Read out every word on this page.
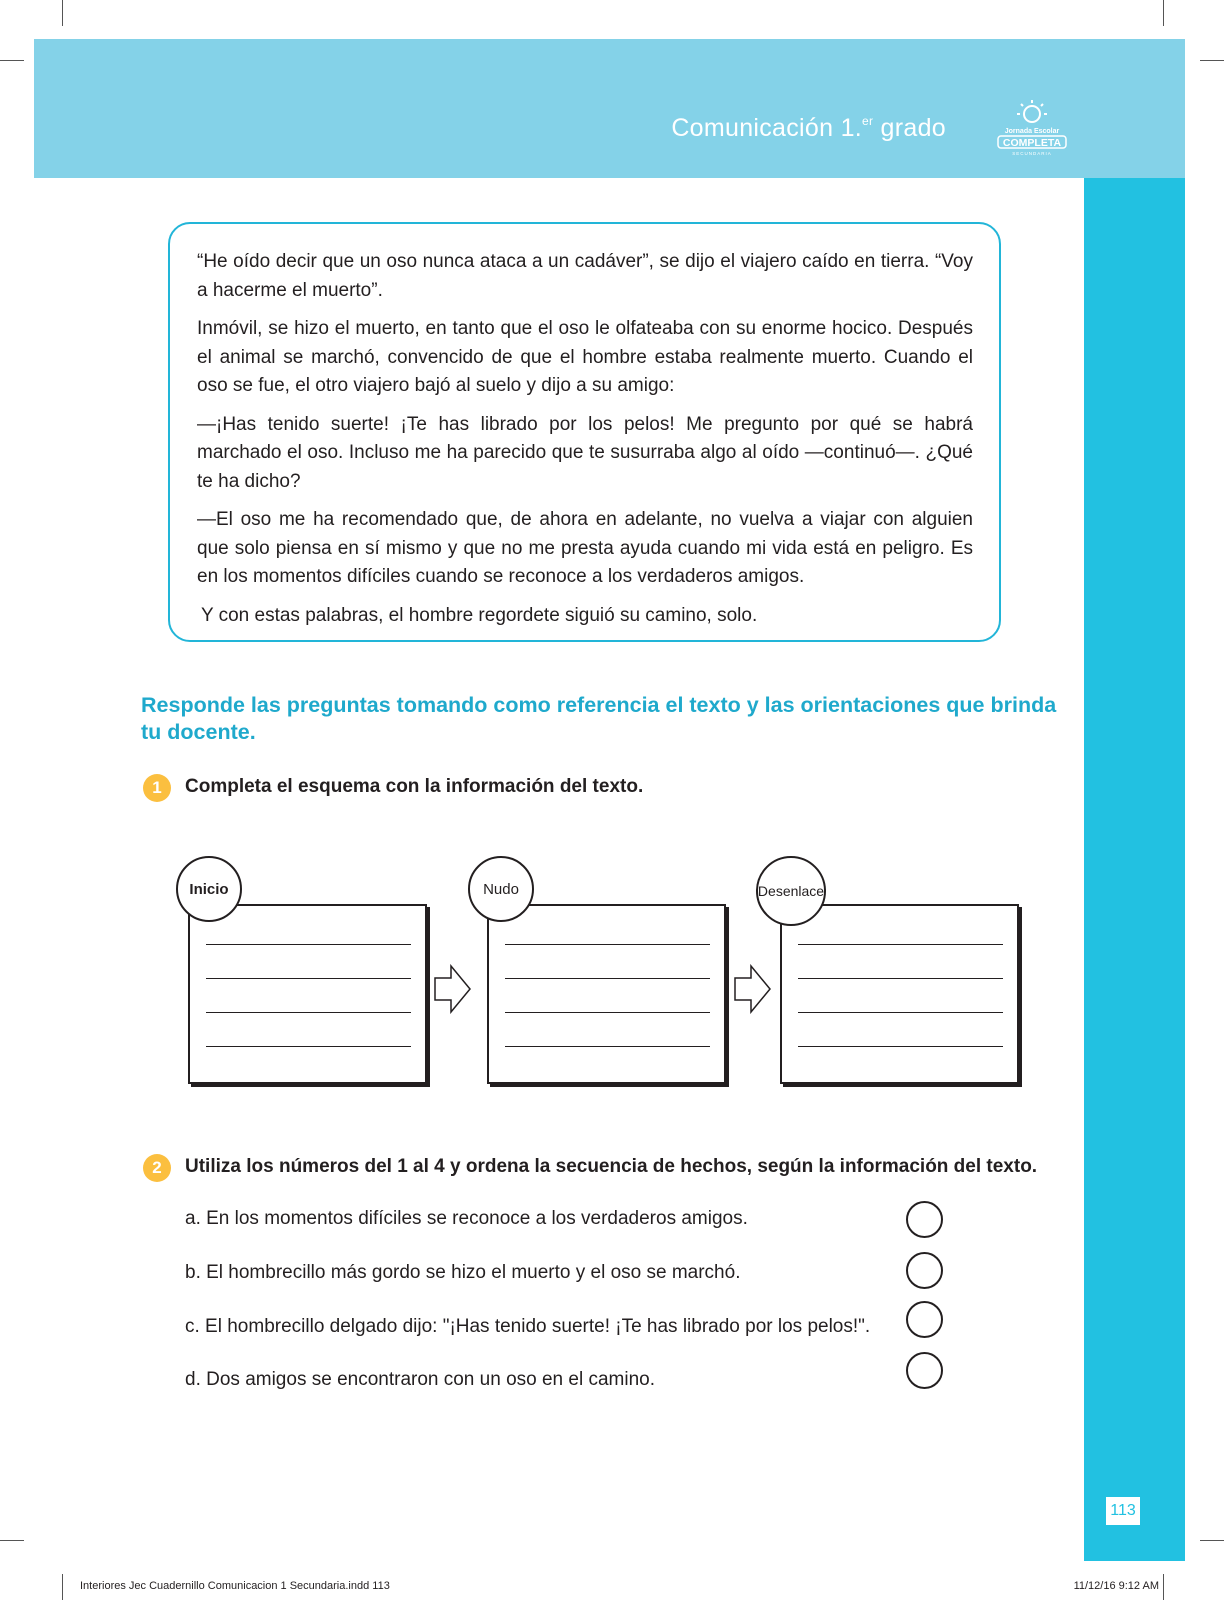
Comunicación 1.$^{er}$ grado	Jornada Escolar
COMPLETA
SECUNDARIA
113

“He oído decir que un oso nunca ataca a un cadáver”, se dijo el viajero caído en tierra. “Voy a hacerme el muerto”.

Inmóvil, se hizo el muerto, en tanto que el oso le olfateaba con su enorme hocico. Después el animal se marchó, convencido de que el hombre estaba realmente muerto. Cuando el oso se fue, el otro viajero bajó al suelo y dijo a su amigo:

—¡Has tenido suerte! ¡Te has librado por los pelos! Me pregunto por qué se habrá marchado el oso. Incluso me ha parecido que te susurraba algo al oído —continuó—. ¿Qué te ha dicho?

—El oso me ha recomendado que, de ahora en adelante, no vuelva a viajar con alguien que solo piensa en sí mismo y que no me presta ayuda cuando mi vida está en peligro. Es en los momentos difíciles cuando se reconoce a los verdaderos amigos.

Y con estas palabras, el hombre regordete siguió su camino, solo.

Responde las preguntas tomando como referencia el texto y las orientaciones que brinda tu docente.
1	Completa el esquema con la información del texto.
Inicio	Nudo	Desenlace
2	Utiliza los números del 1 al 4 y ordena la secuencia de hechos, según la información del texto.
a. En los momentos difíciles se reconoce a los verdaderos amigos.
b. El hombrecillo más gordo se hizo el muerto y el oso se marchó.
c. El hombrecillo delgado dijo: "¡Has tenido suerte! ¡Te has librado por los pelos!".
d. Dos amigos se encontraron con un oso en el camino.
Interiores Jec Cuadernillo Comunicacion 1 Secundaria.indd 113	11/12/16 9:12 AM
